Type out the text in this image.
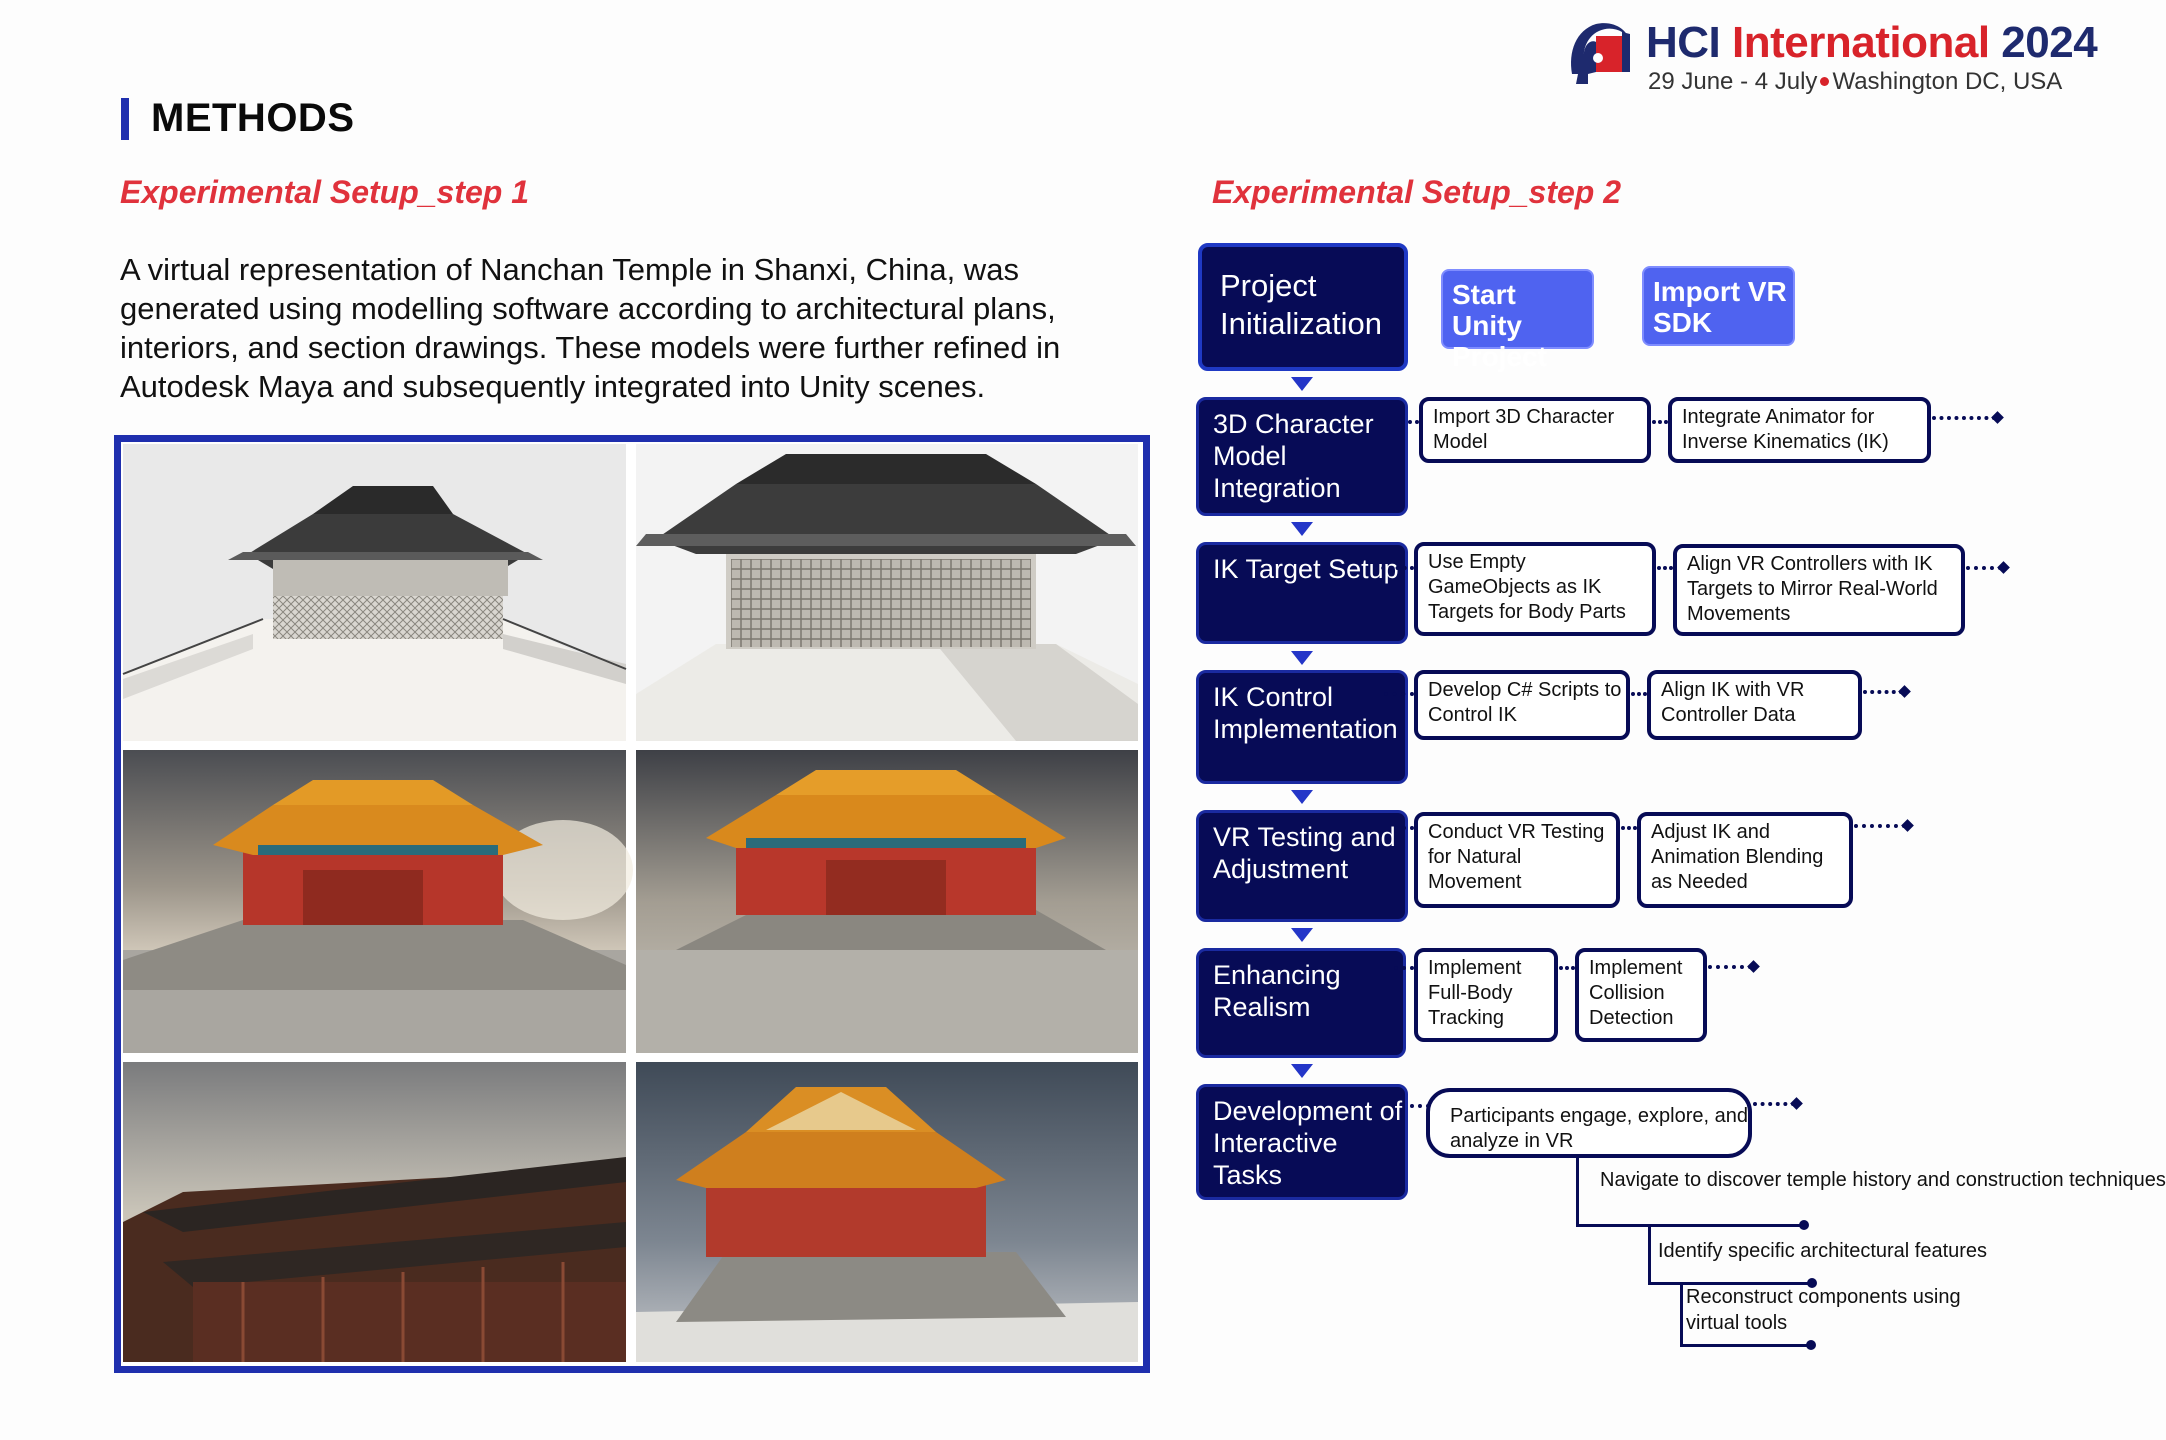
HCI International 2024
29 June - 4 July Washington DC, USA
METHODS
Experimental Setup_step 1	Experimental Setup_step 2
A virtual representation of Nanchan Temple in Shanxi, China, was generated using modelling software according to architectural plans, interiors, and section drawings. These models were further refined in Autodesk Maya and subsequently integrated into Unity scenes.
Project Initialization
Start Unity Project
Import VR SDK
3D Character Model Integration
Import 3D Character Model
Integrate Animator for Inverse Kinematics (IK)
IK Target Setup	Use Empty GameObjects as IK Targets for Body Parts
Align VR Controllers with IK Targets to Mirror Real-World Movements
IK Control Implementation
Develop C# Scripts to Control IK
Align IK with VR Controller Data
VR Testing and Adjustment
Conduct VR Testing for Natural Movement
Adjust IK and Animation Blending as Needed
Enhancing Realism
Implement Full-Body Tracking
Implement Collision Detection
Development of Interactive Tasks
Participants engage, explore, and analyze in VR
Navigate to discover temple history and construction techniques
Identify specific architectural features
Reconstruct components using virtual tools
